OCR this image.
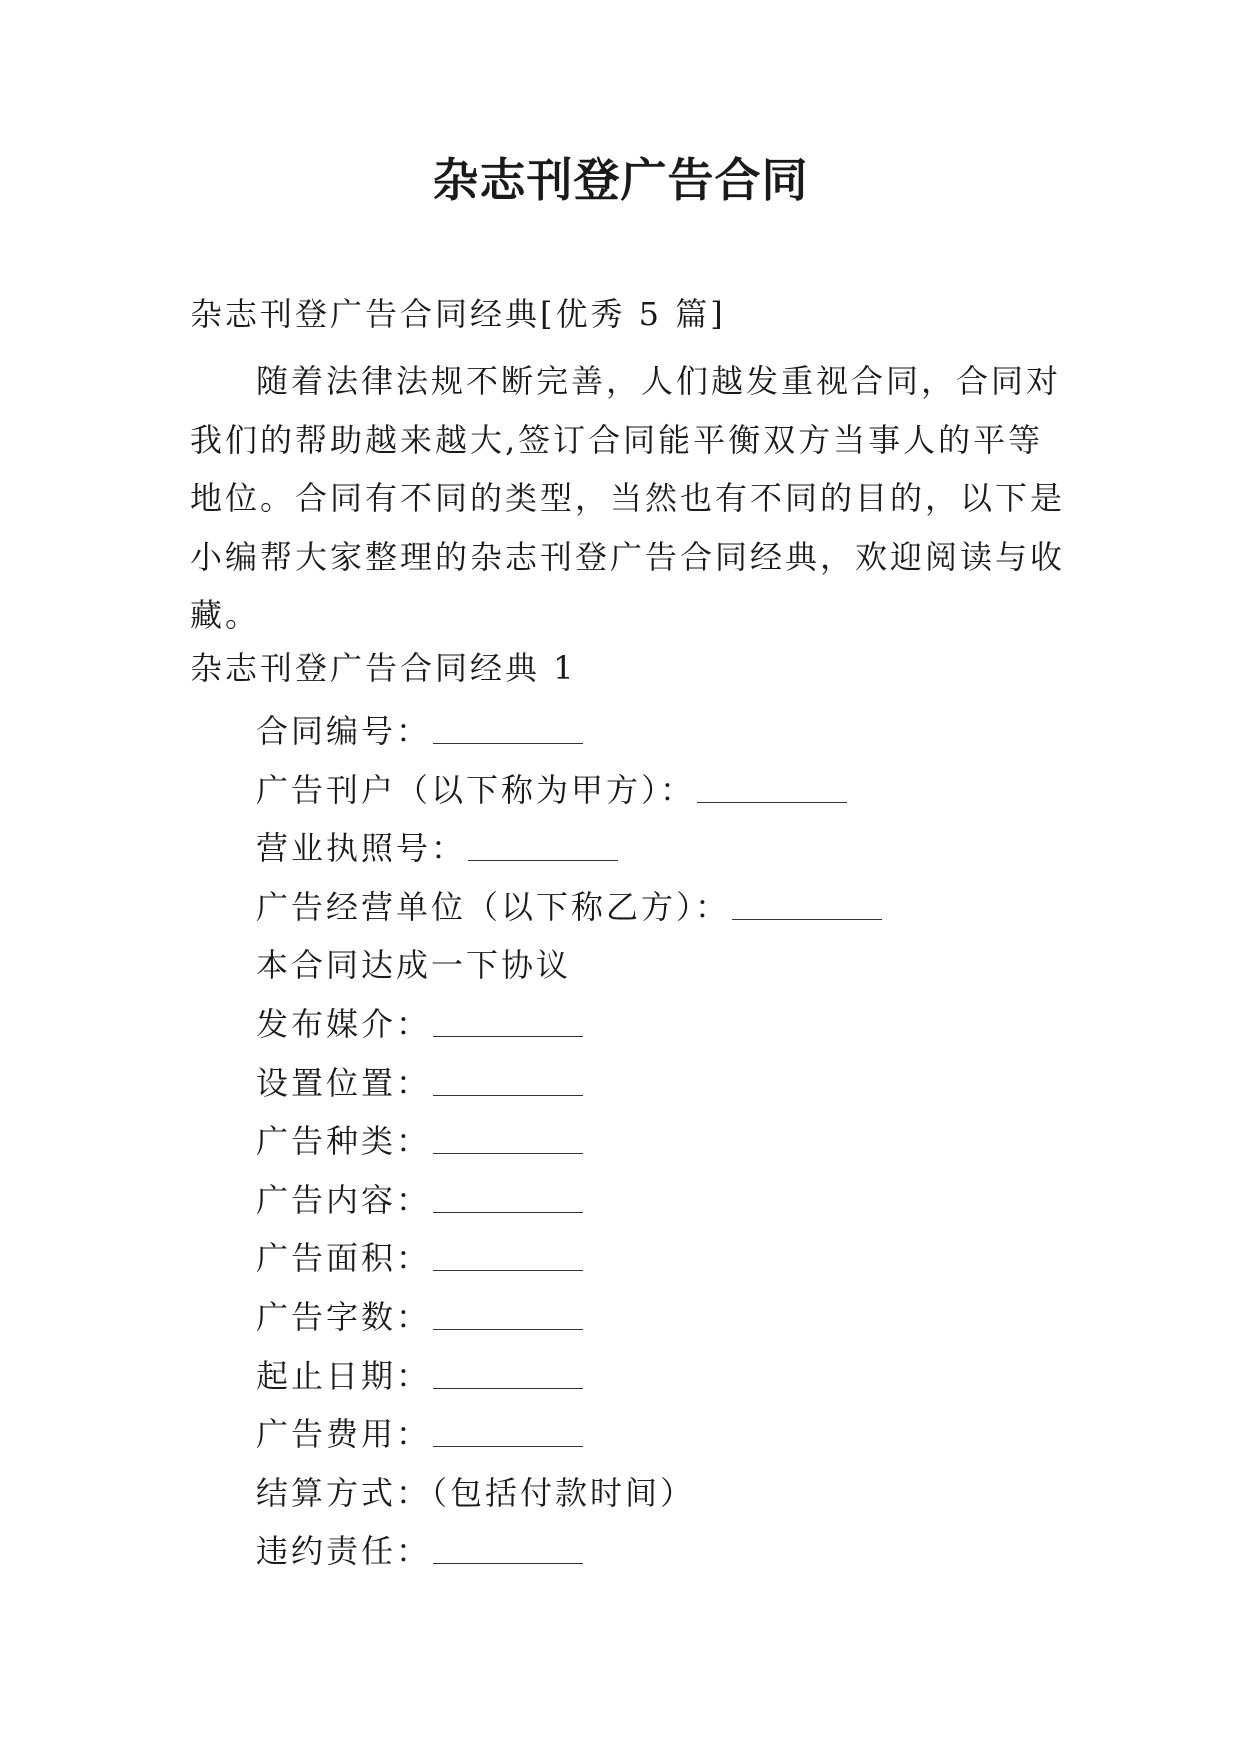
杂志刊登广告合同

杂志刊登广告合同经典[优秀 5 篇]

随着法律法规不断完善，人们越发重视合同，合同对我们的帮助越来越大,签订合同能平衡双方当事人的平等地位。合同有不同的类型，当然也有不同的目的，以下是小编帮大家整理的杂志刊登广告合同经典，欢迎阅读与收藏。

杂志刊登广告合同经典 1

合同编号：
广告刊户（以下称为甲方）：
营业执照号：
广告经营单位（以下称乙方）：
本合同达成一下协议
发布媒介：
设置位置：
广告种类：
广告内容：
广告面积：
广告字数：
起止日期：
广告费用：
结算方式：（包括付款时间）
违约责任：
